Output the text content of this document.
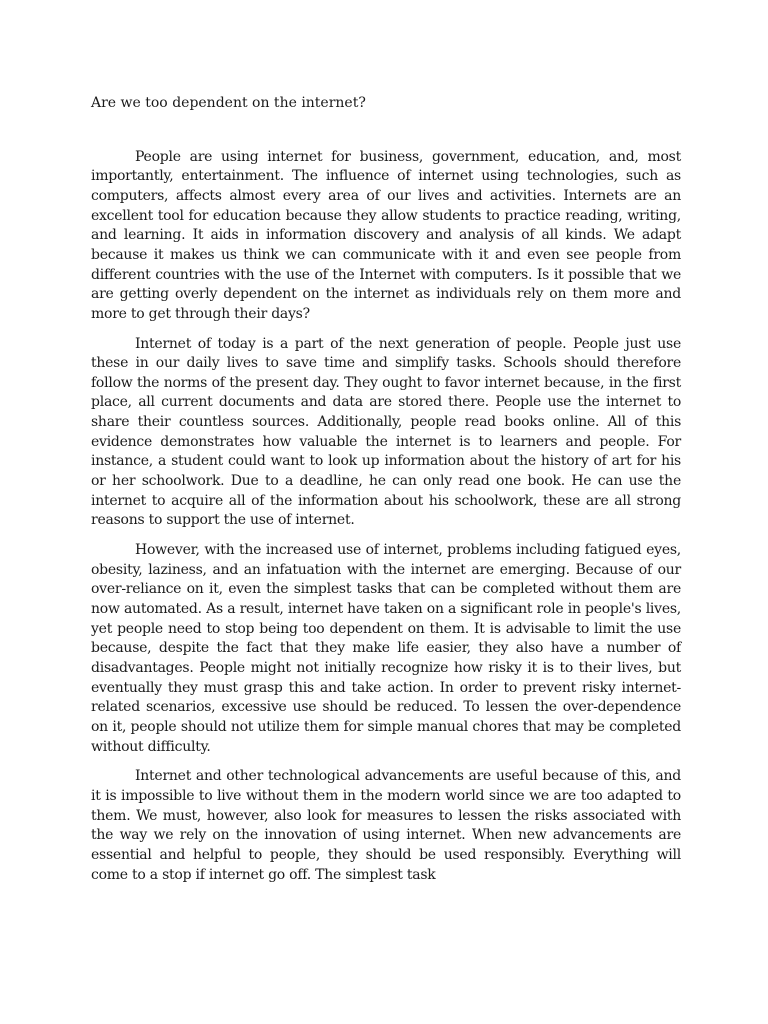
Are we too dependent on the internet?

People are using internet for business, government, education, and, most importantly, entertainment. The influence of internet using technologies, such as computers, affects almost every area of our lives and activities. Internets are an excellent tool for education because they allow students to practice reading, writing, and learning. It aids in information discovery and analysis of all kinds. We adapt because it makes us think we can communicate with it and even see people from different countries with the use of the Internet with computers. Is it possible that we are getting overly dependent on the internet as individuals rely on them more and more to get through their days?

Internet of today is a part of the next generation of people. People just use these in our daily lives to save time and simplify tasks. Schools should therefore follow the norms of the present day. They ought to favor internet because, in the first place, all current documents and data are stored there. People use the internet to share their countless sources. Additionally, people read books online. All of this evidence demonstrates how valuable the internet is to learners and people. For instance, a student could want to look up information about the history of art for his or her schoolwork. Due to a deadline, he can only read one book. He can use the internet to acquire all of the information about his schoolwork, these are all strong reasons to support the use of internet.

However, with the increased use of internet, problems including fatigued eyes, obesity, laziness, and an infatuation with the internet are emerging. Because of our over-reliance on it, even the simplest tasks that can be completed without them are now automated. As a result, internet have taken on a significant role in people's lives, yet people need to stop being too dependent on them. It is advisable to limit the use because, despite the fact that they make life easier, they also have a number of disadvantages. People might not initially recognize how risky it is to their lives, but eventually they must grasp this and take action. In order to prevent risky internet-related scenarios, excessive use should be reduced. To lessen the over-dependence on it, people should not utilize them for simple manual chores that may be completed without difficulty.

Internet and other technological advancements are useful because of this, and it is impossible to live without them in the modern world since we are too adapted to them. We must, however, also look for measures to lessen the risks associated with the way we rely on the innovation of using internet. When new advancements are essential and helpful to people, they should be used responsibly. Everything will come to a stop if internet go off. The simplest task
